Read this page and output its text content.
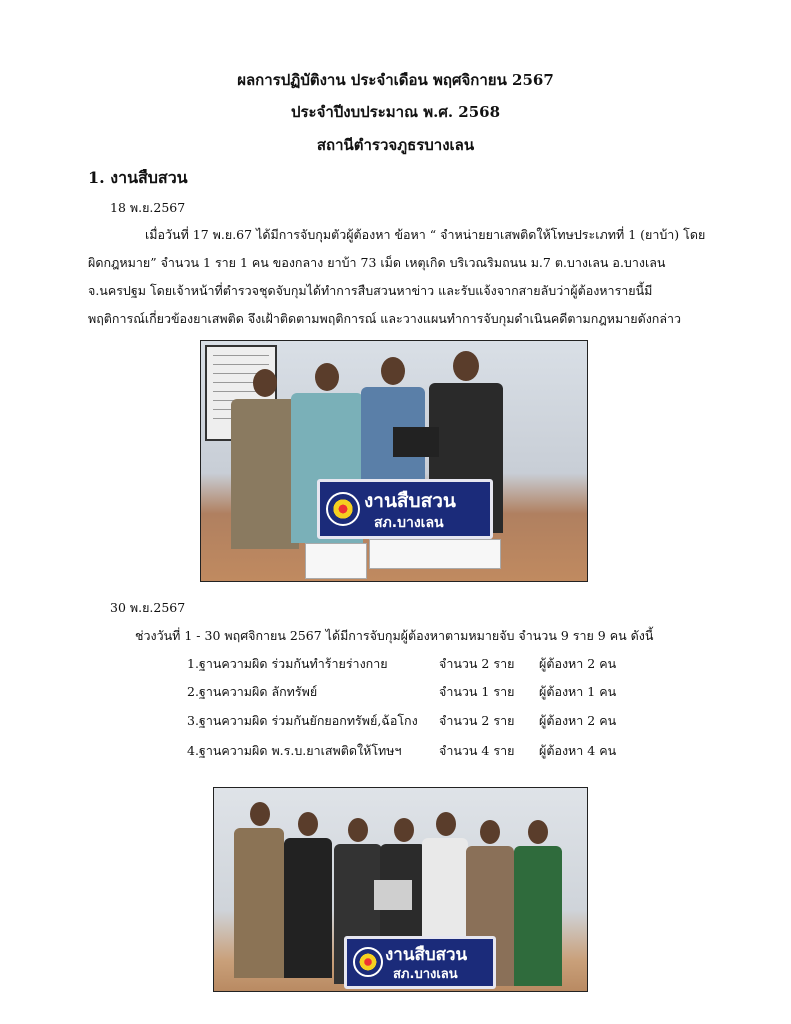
ผลการปฏิบัติงาน ประจำเดือน พฤศจิกายน 2567
ประจำปีงบประมาณ พ.ศ. 2568
สถานีตำรวจภูธรบางเลน
1. งานสืบสวน
18 พ.ย.2567
เมื่อวันที่ 17 พ.ย.67 ได้มีการจับกุมตัวผู้ต้องหา ข้อหา “ จำหน่ายยาเสพติดให้โทษประเภทที่ 1 (ยาบ้า) โดย
ผิดกฎหมาย” จำนวน 1 ราย 1 คน ของกลาง ยาบ้า 73 เม็ด เหตุเกิด บริเวณริมถนน ม.7 ต.บางเลน อ.บางเลน
จ.นครปฐม โดยเจ้าหน้าที่ตำรวจชุดจับกุมได้ทำการสืบสวนหาข่าว และรับแจ้งจากสายลับว่าผู้ต้องหารายนี้มี
พฤติการณ์เกี่ยวข้องยาเสพติด จึงเฝ้าติดตามพฤติการณ์ และวางแผนทำการจับกุมดำเนินคดีตามกฎหมายดังกล่าว
งานสืบสวน
สภ.บางเลน
30 พ.ย.2567
ช่วงวันที่ 1 - 30 พฤศจิกายน 2567 ได้มีการจับกุมผู้ต้องหาตามหมายจับ จำนวน 9 ราย 9 คน ดังนี้
1.ฐานความผิด ร่วมกันทำร้ายร่างกาย	จำนวน 2 ราย ผู้ต้องหา 2 คน
2.ฐานความผิด ลักทรัพย์	จำนวน 1 ราย ผู้ต้องหา 1 คน
3.ฐานความผิด ร่วมกันยักยอกทรัพย์,ฉ้อโกง จำนวน 2 ราย ผู้ต้องหา 2 คน
4.ฐานความผิด พ.ร.บ.ยาเสพติดให้โทษฯ	จำนวน 4 ราย ผู้ต้องหา 4 คน
งานสืบสวน
สภ.บางเลน
